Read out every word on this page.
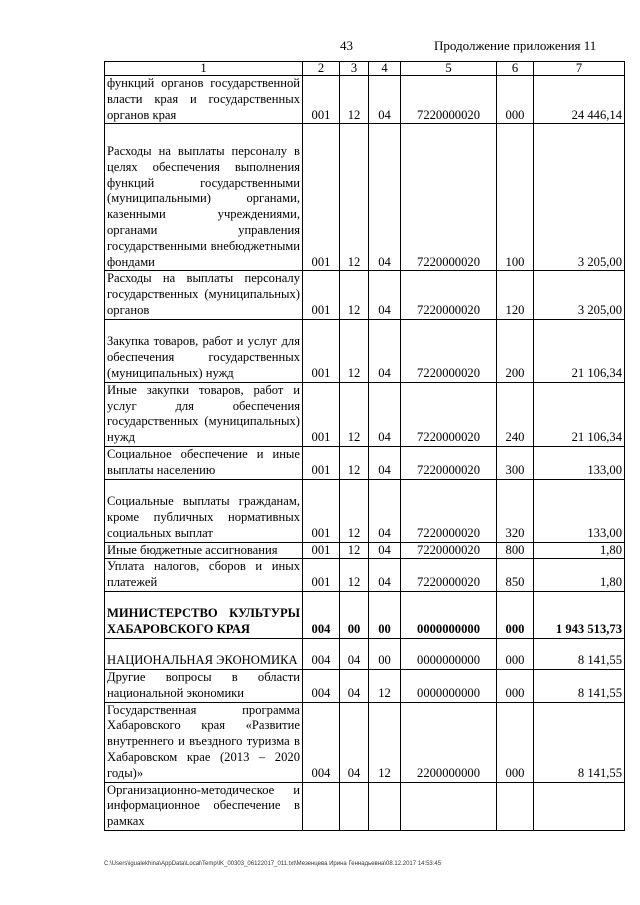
43	Продолжение приложения 11
1	2	3	4	5	6	7
функций органов государственной власти края и государственных органов края	001	12	04	7220000020	000	24 446,14
Расходы на выплаты персоналу в целях обеспечения выполнения функций государственными (муниципальными) органами, казенными учреждениями, органами управления государственными внебюджетными фондами	001	12	04	7220000020	100	3 205,00
Расходы на выплаты персоналу государственных (муниципальных) органов	001	12	04	7220000020	120	3 205,00
Закупка товаров, работ и услуг для обеспечения государственных (муниципальных) нужд	001	12	04	7220000020	200	21 106,34
Иные закупки товаров, работ и услуг для обеспечения государственных (муниципальных) нужд	001	12	04	7220000020	240	21 106,34
Социальное обеспечение и иные выплаты населению	001	12	04	7220000020	300	133,00
Социальные выплаты гражданам, кроме публичных нормативных социальных выплат	001	12	04	7220000020	320	133,00
Иные бюджетные ассигнования	001	12	04	7220000020	800	1,80
Уплата налогов, сборов и иных платежей	001	12	04	7220000020	850	1,80
МИНИСТЕРСТВО КУЛЬТУРЫ ХАБАРОВСКОГО КРАЯ	004	00	00	0000000000	000	1 943 513,73
НАЦИОНАЛЬНАЯ ЭКОНОМИКА	004	04	00	0000000000	000	8 141,55
Другие вопросы в области национальной экономики	004	04	12	0000000000	000	8 141,55
Государственная программа Хабаровского края «Развитие внутреннего и въездного туризма в Хабаровском крае (2013 – 2020 годы)»	004	04	12	2200000000	000	8 141,55
Организационно-методическое и информационное обеспечение в рамках						
C:\Users\igualekhina\AppData\Local\Temp\IK_00303_06122017_011.txt\Мезенцева Ирина Геннадьевна\08.12.2017 14:53:45
